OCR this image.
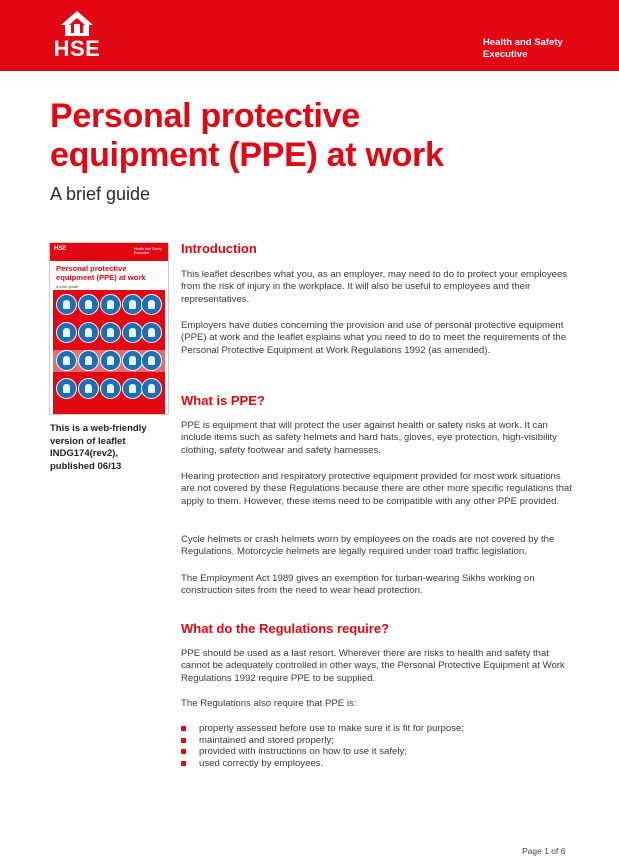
HSE	Health and Safety
Executive
Personal protective
equipment (PPE) at work
A brief guide
HSE	Health and Safety Executive
Personal protective
equipment (PPE) at work
A brief guide

This is a web-friendly version of leaflet INDG174(rev2), published 06/13

Introduction

This leaflet describes what you, as an employer, may need to do to protect your employees from the risk of injury in the workplace. It will also be useful to employees and their representatives.

Employers have duties concerning the provision and use of personal protective equipment (PPE) at work and the leaflet explains what you need to do to meet the requirements of the Personal Protective Equipment at Work Regulations 1992 (as amended).

What is PPE?

PPE is equipment that will protect the user against health or safety risks at work. It can include items such as safety helmets and hard hats, gloves, eye protection, high-visibility clothing, safety footwear and safety harnesses.

Hearing protection and respiratory protective equipment provided for most work situations are not covered by these Regulations because there are other more specific regulations that apply to them. However, these items need to be compatible with any other PPE provided.

Cycle helmets or crash helmets worn by employees on the roads are not covered by the Regulations. Motorcycle helmets are legally required under road traffic legislation.

The Employment Act 1989 gives an exemption for turban-wearing Sikhs working on construction sites from the need to wear head protection.

What do the Regulations require?

PPE should be used as a last resort. Wherever there are risks to health and safety that cannot be adequately controlled in other ways, the Personal Protective Equipment at Work Regulations 1992 require PPE to be supplied.

The Regulations also require that PPE is:

properly assessed before use to make sure it is fit for purpose;
maintained and stored properly;
provided with instructions on how to use it safely;
used correctly by employees.
Page 1 of 6
